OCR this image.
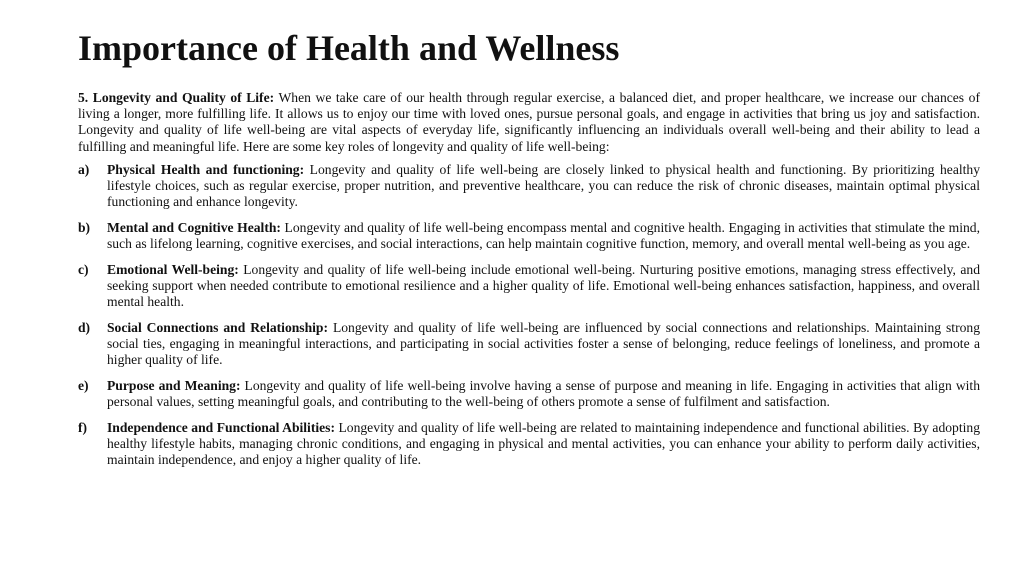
Importance of Health and Wellness

5. Longevity and Quality of Life: When we take care of our health through regular exercise, a balanced diet, and proper healthcare, we increase our chances of living a longer, more fulfilling life. It allows us to enjoy our time with loved ones, pursue personal goals, and engage in activities that bring us joy and satisfaction. Longevity and quality of life well-being are vital aspects of everyday life, significantly influencing an individuals overall well-being and their ability to lead a fulfilling and meaningful life. Here are some key roles of longevity and quality of life well-being:

a)	Physical Health and functioning: Longevity and quality of life well-being are closely linked to physical health and functioning. By prioritizing healthy lifestyle choices, such as regular exercise, proper nutrition, and preventive healthcare, you can reduce the risk of chronic diseases, maintain optimal physical functioning and enhance longevity.
b)	Mental and Cognitive Health: Longevity and quality of life well-being encompass mental and cognitive health. Engaging in activities that stimulate the mind, such as lifelong learning, cognitive exercises, and social interactions, can help maintain cognitive function, memory, and overall mental well-being as you age.
c)	Emotional Well-being: Longevity and quality of life well-being include emotional well-being. Nurturing positive emotions, managing stress effectively, and seeking support when needed contribute to emotional resilience and a higher quality of life. Emotional well-being enhances satisfaction, happiness, and overall mental health.
d)	Social Connections and Relationship: Longevity and quality of life well-being are influenced by social connections and relationships. Maintaining strong social ties, engaging in meaningful interactions, and participating in social activities foster a sense of belonging, reduce feelings of loneliness, and promote a higher quality of life.
e)	Purpose and Meaning: Longevity and quality of life well-being involve having a sense of purpose and meaning in life. Engaging in activities that align with personal values, setting meaningful goals, and contributing to the well-being of others promote a sense of fulfilment and satisfaction.
f)	Independence and Functional Abilities: Longevity and quality of life well-being are related to maintaining independence and functional abilities. By adopting healthy lifestyle habits, managing chronic conditions, and engaging in physical and mental activities, you can enhance your ability to perform daily activities, maintain independence, and enjoy a higher quality of life.
